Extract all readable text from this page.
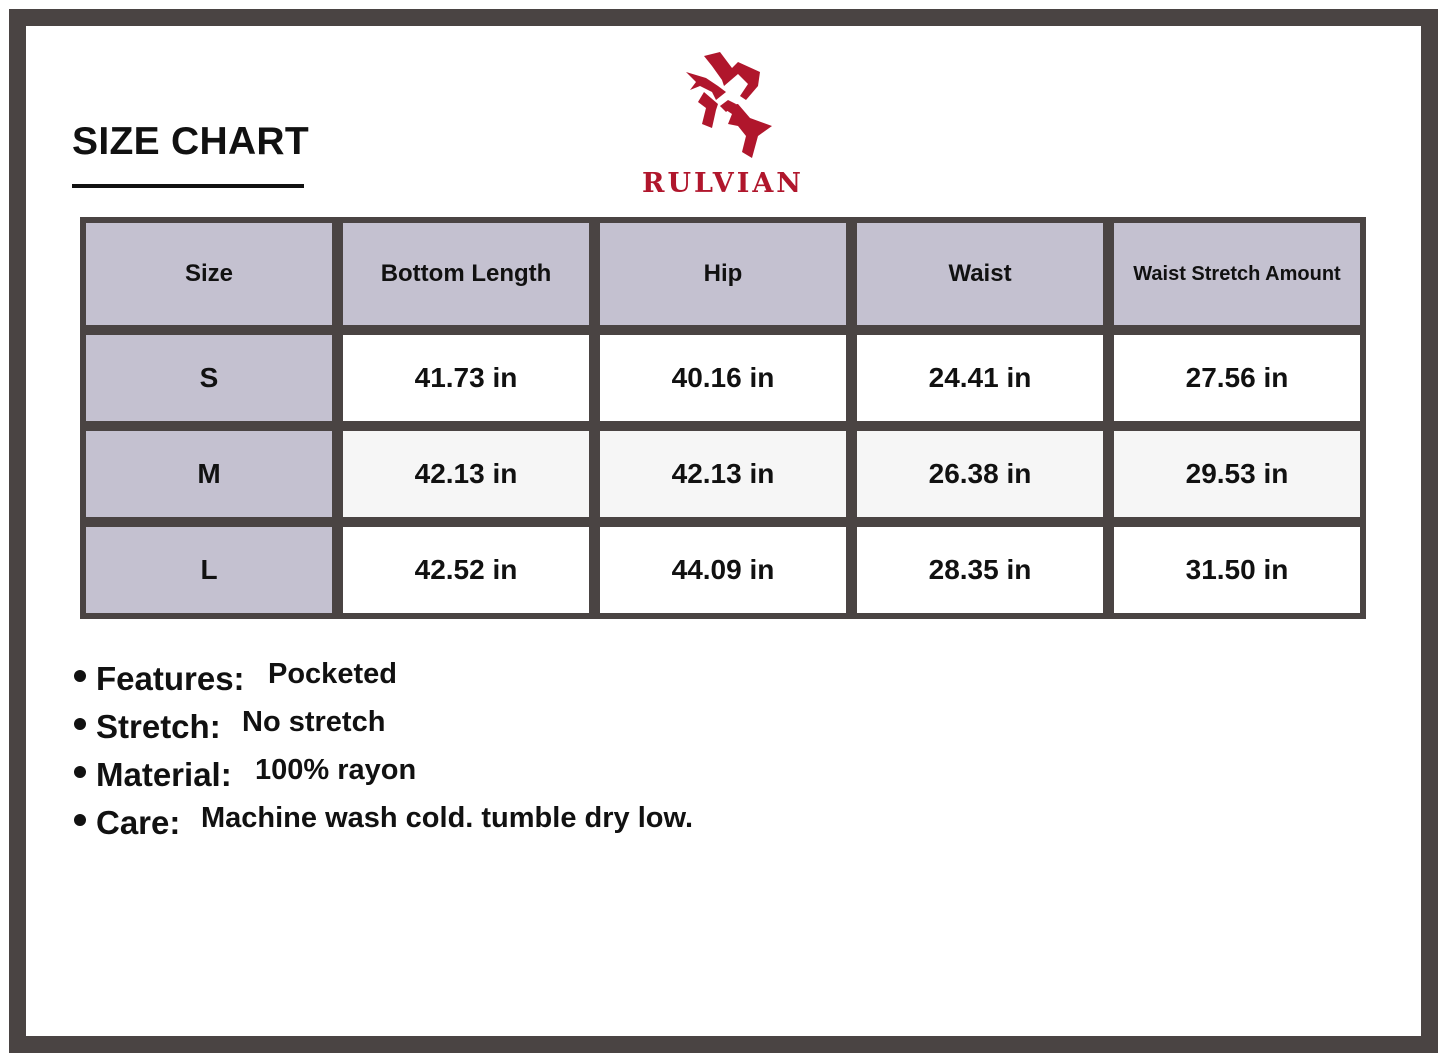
SIZE CHART
RULVIAN
Size	Bottom Length	Hip	Waist	Waist Stretch Amount
S	41.73 in	40.16 in	24.41 in	27.56 in
M	42.13 in	42.13 in	26.38 in	29.53 in
L	42.52 in	44.09 in	28.35 in	31.50 in
Features: Pocketed
Stretch: No stretch
Material: 100% rayon
Care: Machine wash cold. tumble dry low.
